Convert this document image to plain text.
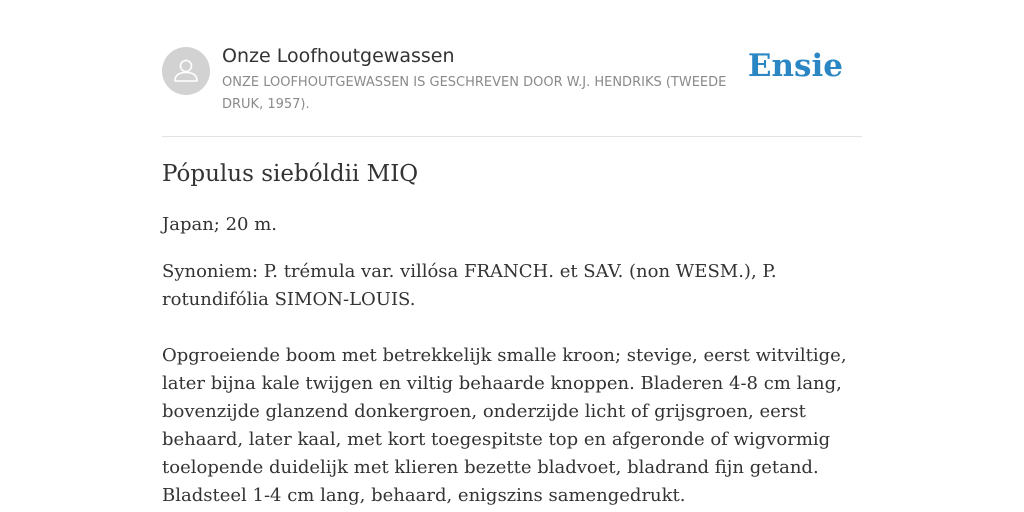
Onze Loofhoutgewassen
ONZE LOOFHOUTGEWASSEN IS GESCHREVEN DOOR W.J. HENDRIKS (TWEEDE DRUK, 1957).
Ensie
Pópulus siebóldii MIQ

Japan; 20 m.

Synoniem: P. trémula var. villósa FRANCH. et SAV. (non WESM.), P. rotundifólia SIMON-LOUIS.

Opgroeiende boom met betrekkelijk smalle kroon; stevige, eerst witviltige, later bijna kale twijgen en viltig behaarde knoppen. Bladeren 4-8 cm lang, bovenzijde glanzend donkergroen, onderzijde licht of grijsgroen, eerst behaard, later kaal, met kort toegespitste top en afgeronde of wigvormig toelopende duidelijk met klieren bezette bladvoet, bladrand fijn getand. Bladsteel 1-4 cm lang, behaard, enigszins samengedrukt.
